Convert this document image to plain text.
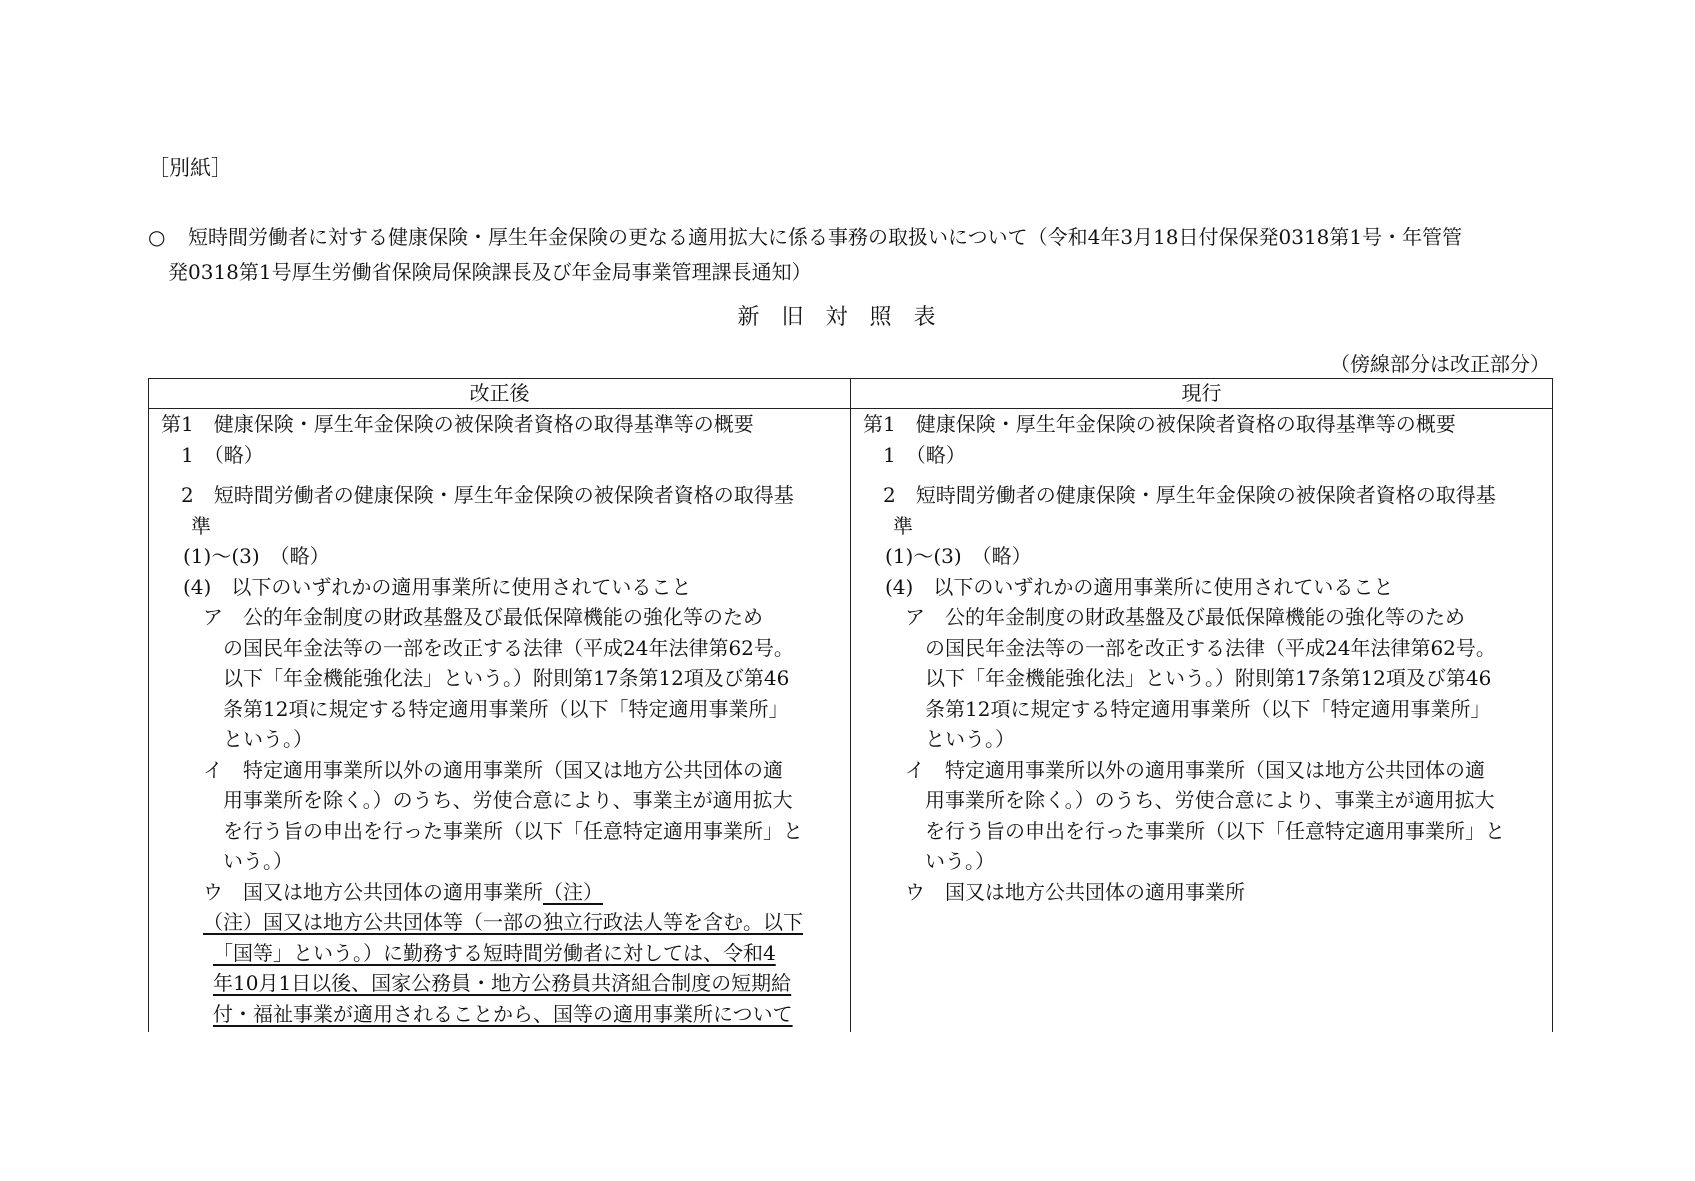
［別紙］
○ 短時間労働者に対する健康保険・厚生年金保険の更なる適用拡大に係る事務の取扱いについて（令和4年3月18日付保保発0318第1号・年管管
発0318第1号厚生労働省保険局保険課長及び年金局事業管理課長通知）
新旧対照表
（傍線部分は改正部分）
改正後
第1　健康保険・厚生年金保険の被保険者資格の取得基準等の概要
1　（略）
2　短時間労働者の健康保険・厚生年金保険の被保険者資格の取得基
準
(1)～(3)　（略）
(4)　以下のいずれかの適用事業所に使用されていること
ア　公的年金制度の財政基盤及び最低保障機能の強化等のため
の国民年金法等の一部を改正する法律（平成24年法律第62号。
以下「年金機能強化法」という。）附則第17条第12項及び第46
条第12項に規定する特定適用事業所（以下「特定適用事業所」
という。）
イ　特定適用事業所以外の適用事業所（国又は地方公共団体の適
用事業所を除く。）のうち、労使合意により、事業主が適用拡大
を行う旨の申出を行った事業所（以下「任意特定適用事業所」と
いう。）
ウ　国又は地方公共団体の適用事業所（注）
（注）国又は地方公共団体等（一部の独立行政法人等を含む。以下
「国等」という。）に勤務する短時間労働者に対しては、令和4
年10月1日以後、国家公務員・地方公務員共済組合制度の短期給
付・福祉事業が適用されることから、国等の適用事業所について
現行
第1　健康保険・厚生年金保険の被保険者資格の取得基準等の概要
1　（略）
2　短時間労働者の健康保険・厚生年金保険の被保険者資格の取得基
準
(1)～(3)　（略）
(4)　以下のいずれかの適用事業所に使用されていること
ア　公的年金制度の財政基盤及び最低保障機能の強化等のため
の国民年金法等の一部を改正する法律（平成24年法律第62号。
以下「年金機能強化法」という。）附則第17条第12項及び第46
条第12項に規定する特定適用事業所（以下「特定適用事業所」
という。）
イ　特定適用事業所以外の適用事業所（国又は地方公共団体の適
用事業所を除く。）のうち、労使合意により、事業主が適用拡大
を行う旨の申出を行った事業所（以下「任意特定適用事業所」と
いう。）
ウ　国又は地方公共団体の適用事業所
